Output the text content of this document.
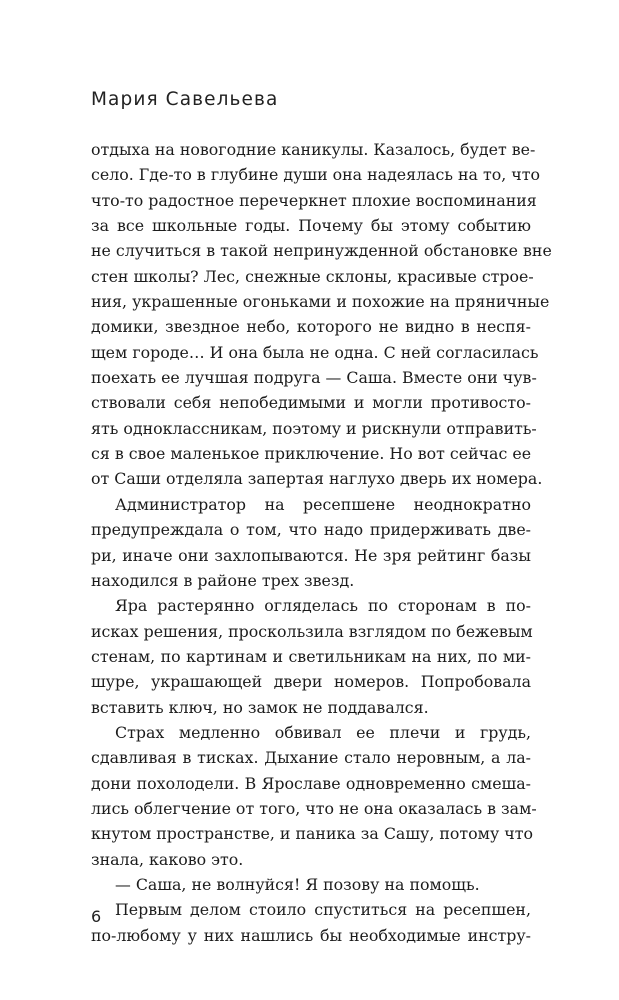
Мария Савельева
отдыха на новогодние каникулы. Казалось, будет ве-
село. Где-то в глубине души она надеялась на то, что
что-то радостное перечеркнет плохие воспоминания
за все школьные годы. Почему бы этому событию
не случиться в такой непринужденной обстановке вне
стен школы? Лес, снежные склоны, красивые строе-
ния, украшенные огоньками и похожие на пряничные
домики, звездное небо, которого не видно в неспя-
щем городе… И она была не одна. С ней согласилась
поехать ее лучшая подруга — Саша. Вместе они чув-
ствовали себя непобедимыми и могли противосто-
ять одноклассникам, поэтому и рискнули отправить-
ся в свое маленькое приключение. Но вот сейчас ее
от Саши отделяла запертая наглухо дверь их номера.
Администратор на ресепшене неоднократно
предупреждала о том, что надо придерживать две-
ри, иначе они захлопываются. Не зря рейтинг базы
находился в районе трех звезд.
Яра растерянно огляделась по сторонам в по-
исках решения, проскользила взглядом по бежевым
стенам, по картинам и светильникам на них, по ми-
шуре, украшающей двери номеров. Попробовала
вставить ключ, но замок не поддавался.
Страх медленно обвивал ее плечи и грудь,
сдавливая в тисках. Дыхание стало неровным, а ла-
дони похолодели. В Ярославе одновременно смеша-
лись облегчение от того, что не она оказалась в зам-
кнутом пространстве, и паника за Сашу, потому что
знала, каково это.
— Саша, не волнуйся! Я позову на помощь.
Первым делом стоило спуститься на ресепшен,
по-любому у них нашлись бы необходимые инстру-
6
